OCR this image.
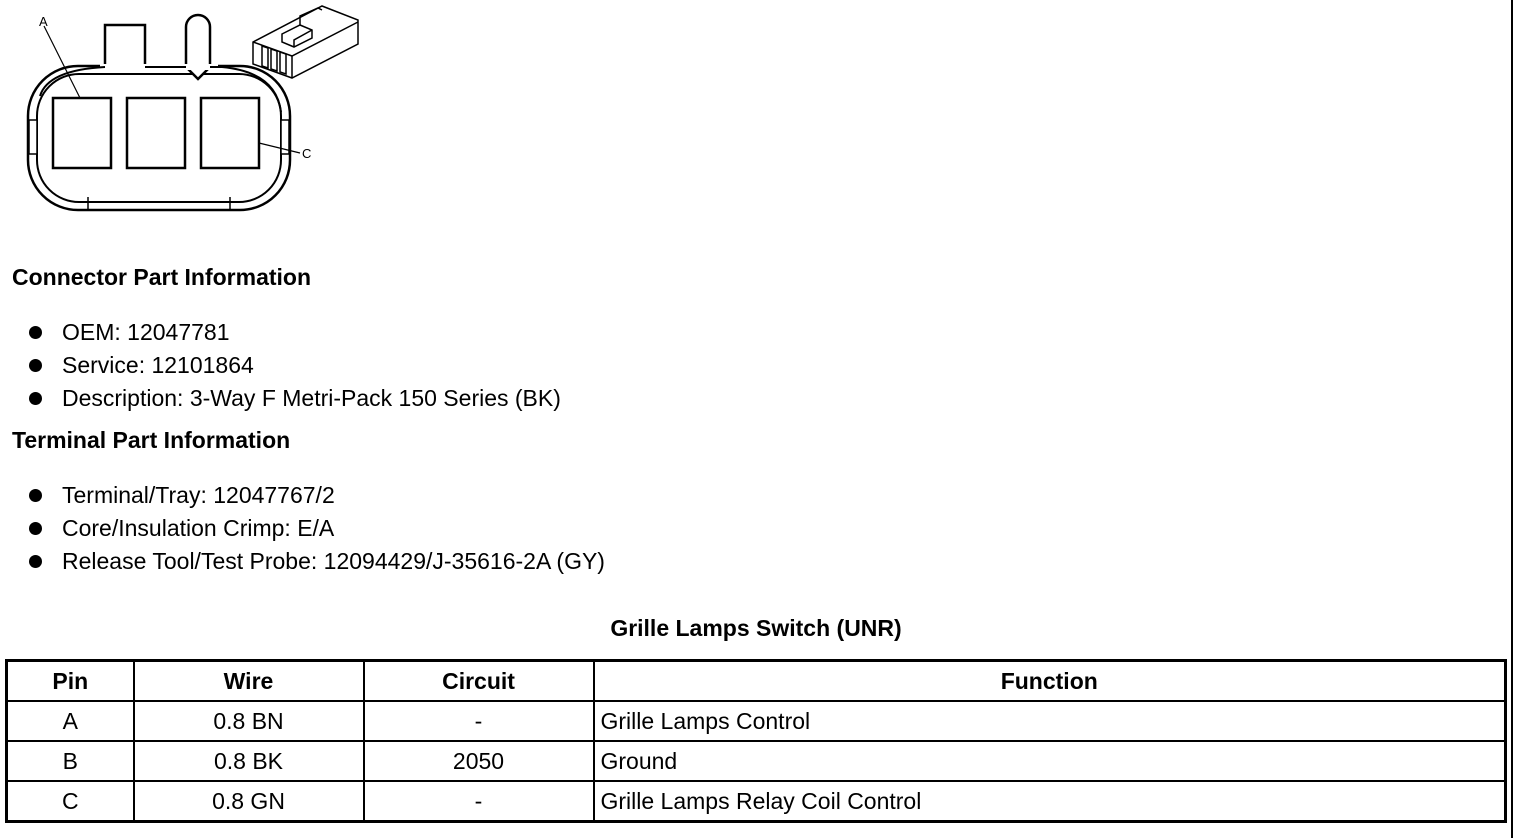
A
C
Connector Part Information
OEM: 12047781
Service: 12101864
Description: 3-Way F Metri-Pack 150 Series (BK)
Terminal Part Information
Terminal/Tray: 12047767/2
Core/Insulation Crimp: E/A
Release Tool/Test Probe: 12094429/J-35616-2A (GY)
Grille Lamps Switch (UNR)
Pin	Wire	Circuit	Function
A	0.8 BN	-	Grille Lamps Control
B	0.8 BK	2050	Ground
C	0.8 GN	-	Grille Lamps Relay Coil Control
